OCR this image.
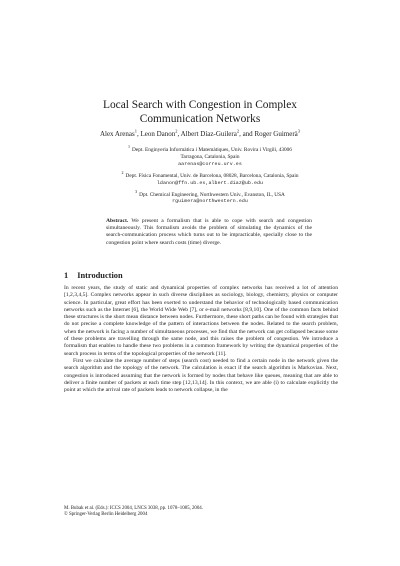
Local Search with Congestion in Complex
Communication Networks
Alex Arenas$^1$, Leon Danon$^2$, Albert Díaz-Guilera$^2$, and Roger Guimerà$^3$
$^1$Dept. Enginyeria Informàtica i Matemàtiques, Univ. Rovira i Virgili, 43006
Tarragona, Catalonia, Spain
aarenas@correu.urv.es
$^2$Dept. Física Fonamental, Univ. de Barcelona, 08028, Barcelona, Catalonia, Spain
ldanon@ffn.ub.es,albert.diaz@ub.edu
$^3$Dpt. Chemical Engineering, Northwestern Univ., Evanston, IL, USA
rguimera@northwestern.edu
Abstract. We present a formalism that is able to cope with search and congestion simultaneously. This formalism avoids the problem of simulating the dynamics of the search-communication process which turns out to be impracticable, specially close to the congestion point where search costs (time) diverge.
1 Introduction

In recent years, the study of static and dynamical properties of complex networks has received a lot of attention [1,2,3,4,5]. Complex networks appear in such diverse disciplines as sociology, biology, chemistry, physics or computer science. In particular, great effort has been exerted to understand the behavior of technologically based communication networks such as the Internet [6], the World Wide Web [7], or e-mail networks [8,9,10]. One of the common facts behind these structures is the short mean distance between nodes. Furthermore, these short paths can be found with strategies that do not precise a complete knowledge of the pattern of interactions between the nodes. Related to the search problem, when the network is facing a number of simultaneous processes, we find that the network can get collapsed because some of these problems are travelling through the same node, and this raises the problem of congestion. We introduce a formalism that enables to handle these two problems in a common framework by writing the dynamical properties of the search process in terms of the topological properties of the network [11].

First we calculate the average number of steps (search cost) needed to find a certain node in the network given the search algorithm and the topology of the network. The calculation is exact if the search algorithm is Markovian. Next, congestion is introduced assuming that the network is formed by nodes that behave like queues, meaning that are able to deliver a finite number of packets at each time step [12,13,14]. In this context, we are able (i) to calculate explicitly the point at which the arrival rate of packets leads to network collapse, in the

M. Bubak et al. (Eds.): ICCS 2004, LNCS 3038, pp. 1078–1085, 2004.
© Springer-Verlag Berlin Heidelberg 2004
